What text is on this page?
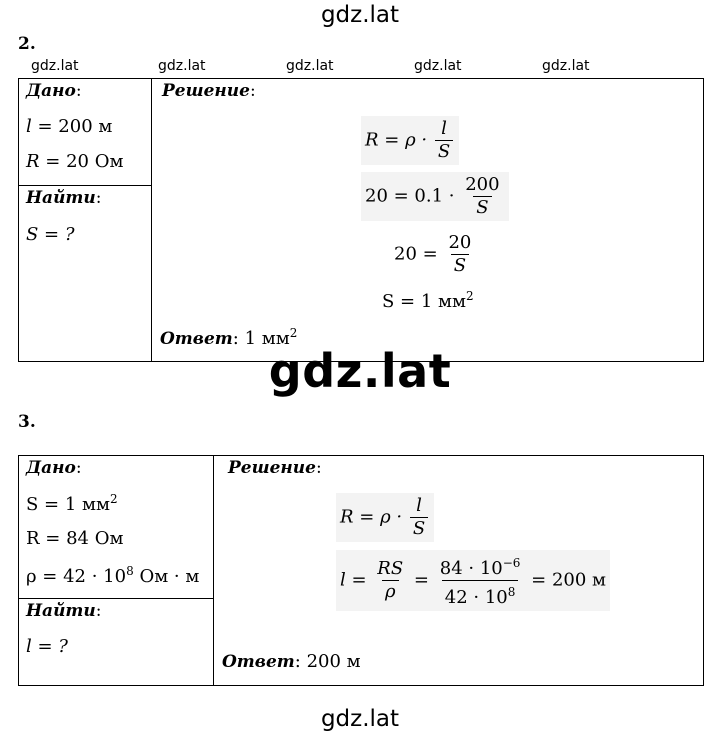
gdz.lat
gdz.lat	gdz.lat	gdz.lat	gdz.lat	gdz.lat
2.
Дано:
l = 200 м
R = 20 Ом
Найти:
S = ?
Решение:
$R = \rho \cdot \frac{l}{S}$
$20 = 0.1 \cdot \frac{200}{S}$
$20 = \frac{20}{S}$
S = 1 $мм^2$
Ответ: 1 $мм^2$
gdz.lat
3.
Дано:
S = 1 $мм^2$
R = 84 Ом
$\rho = 42 \cdot 10^8$ Ом · м
Найти:
l = ?
Решение:
$R = \rho \cdot \frac{l}{S}$
$l = \frac{RS}{\rho} = \frac{84 \cdot 10^{-6}}{42 \cdot 10^8} = 200$ м
Ответ: 200 м
gdz.lat
